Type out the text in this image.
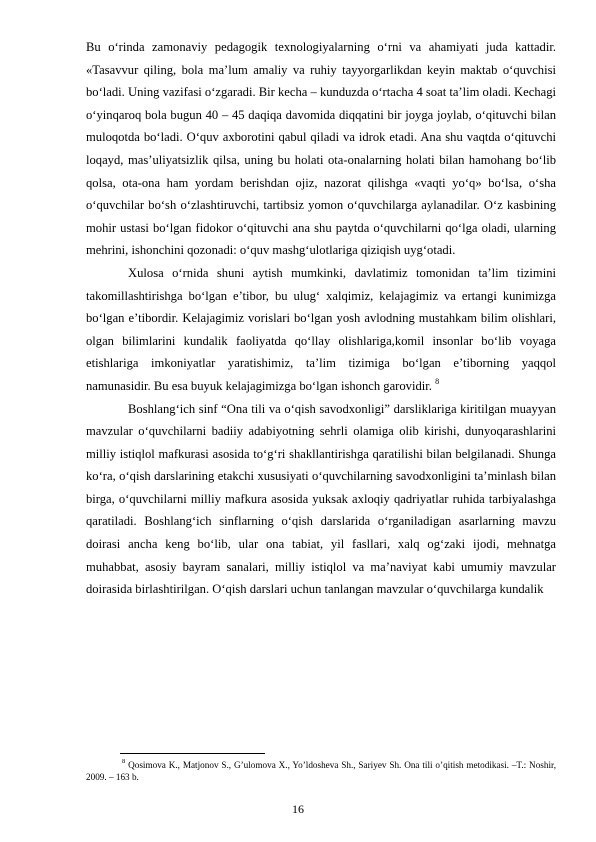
Bu o‘rinda zamonaviy pedagogik texnologiyalarning o‘rni va ahamiyati juda kattadir. «Tasavvur qiling, bola ma’lum amaliy va ruhiy tayyorgarlikdan keyin maktab o‘quvchisi bo‘ladi. Uning vazifasi o‘zgaradi. Bir kecha – kunduzda o‘rtacha 4 soat ta’lim oladi. Kechagi o‘yinqaroq bola bugun 40 – 45 daqiqa davomida diqqatini bir joyga joylab, o‘qituvchi bilan muloqotda bo‘ladi. O‘quv axborotini qabul qiladi va idrok etadi. Ana shu vaqtda o‘qituvchi loqayd, mas’uliyatsizlik qilsa, uning bu holati ota-onalarning holati bilan hamohang bo‘lib qolsa, ota-ona ham yordam berishdan ojiz, nazorat qilishga «vaqti yo‘q» bo‘lsa, o‘sha o‘quvchilar bo‘sh o‘zlashtiruvchi, tartibsiz yomon o‘quvchilarga aylanadilar. O‘z kasbining mohir ustasi bo‘lgan fidokor o‘qituvchi ana shu paytda o‘quvchilarni qo‘lga oladi, ularning mehrini, ishonchini qozonadi: o‘quv mashg‘ulotlariga qiziqish uyg‘otadi.

Xulosa o‘rnida shuni aytish mumkinki, davlatimiz tomonidan ta’lim tizimini takomillashtirishga bo‘lgan e’tibor, bu ulug‘ xalqimiz, kelajagimiz va ertangi kunimizga bo‘lgan e’tibordir. Kelajagimiz vorislari bo‘lgan yosh avlodning mustahkam bilim olishlari, olgan bilimlarini kundalik faoliyatda qo‘llay olishlariga,komil insonlar bo‘lib voyaga etishlariga imkoniyatlar yaratishimiz, ta’lim tizimiga bo‘lgan e’tiborning yaqqol namunasidir. Bu esa buyuk kelajagimizga bo‘lgan ishonch garovidir. $^8$

Boshlang‘ich sinf “Ona tili va o‘qish savodxonligi” darsliklariga kiritilgan muayyan mavzular o‘quvchilarni badiiy adabiyotning sehrli olamiga olib kirishi, dunyoqarashlarini milliy istiqlol mafkurasi asosida to‘g‘ri shakllantirishga qaratilishi bilan belgilanadi. Shunga ko‘ra, o‘qish darslarining etakchi xususiyati o‘quvchilarning savodxonligini ta’minlash bilan birga, o‘quvchilarni milliy mafkura asosida yuksak axloqiy qadriyatlar ruhida tarbiyalashga qaratiladi. Boshlang‘ich sinflarning o‘qish darslarida o‘rganiladigan asarlarning mavzu doirasi ancha keng bo‘lib, ular ona tabiat, yil fasllari, xalq og‘zaki ijodi, mehnatga muhabbat, asosiy bayram sanalari, milliy istiqlol va ma’naviyat kabi umumiy mavzular doirasida birlashtirilgan. O‘qish darslari uchun tanlangan mavzular o‘quvchilarga kundalik

$^8$ Qosimova K., Matjonov S., G’ulomova X., Yo’ldosheva Sh., Sariyev Sh. Ona tili o’qitish metodikasi. –T.: Noshir, 2009. – 163 b.
16
